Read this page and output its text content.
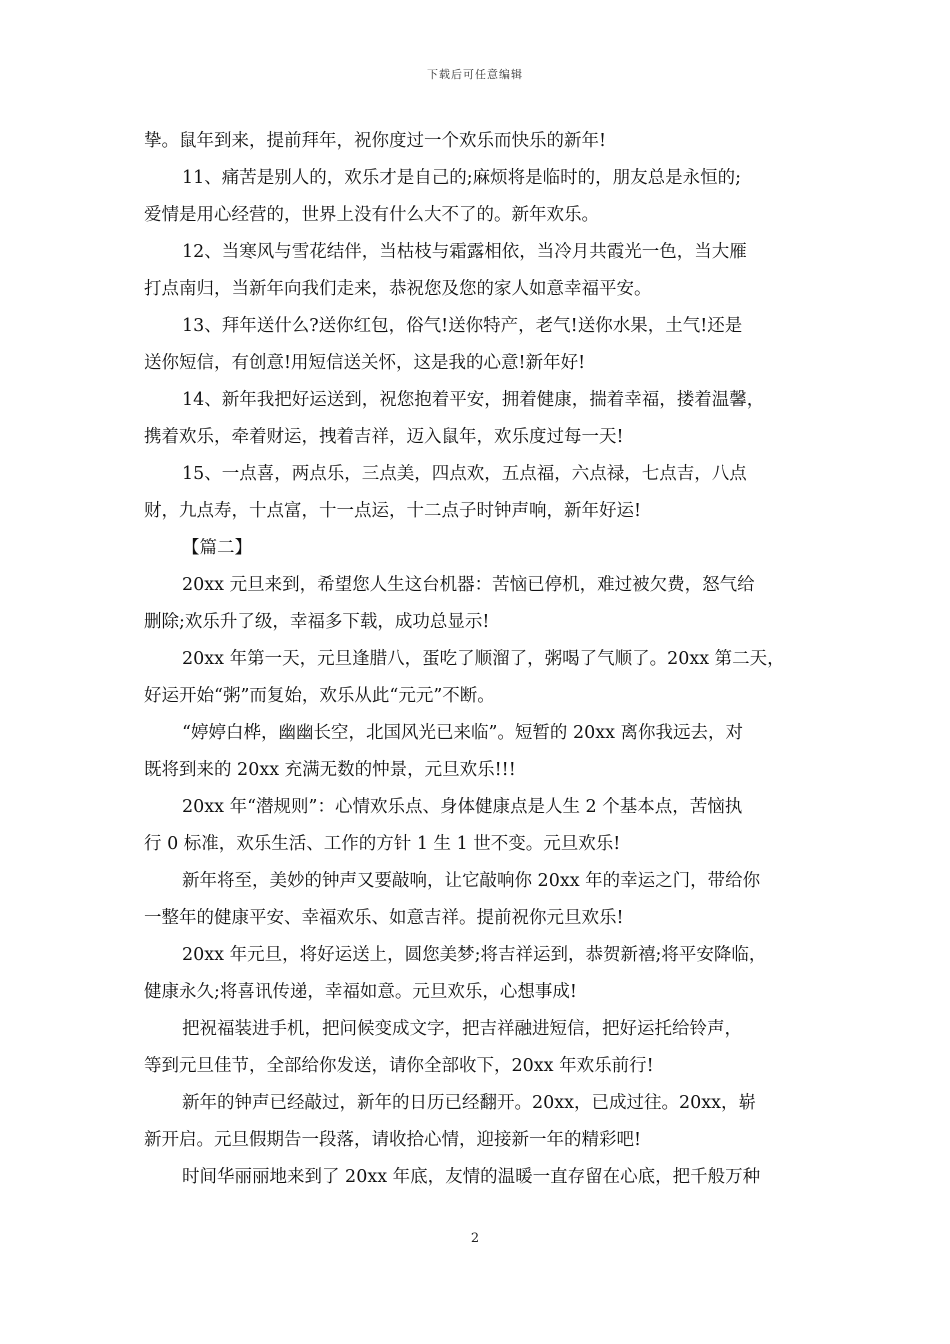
下载后可任意编辑
挚。鼠年到来，提前拜年，祝你度过一个欢乐而快乐的新年!
11、痛苦是别人的，欢乐才是自己的;麻烦将是临时的，朋友总是永恒的;
爱情是用心经营的，世界上没有什么大不了的。新年欢乐。
12、当寒风与雪花结伴，当枯枝与霜露相依，当冷月共霞光一色，当大雁
打点南归，当新年向我们走来，恭祝您及您的家人如意幸福平安。
13、拜年送什么?送你红包，俗气!送你特产，老气!送你水果，土气!还是
送你短信，有创意!用短信送关怀，这是我的心意!新年好!
14、新年我把好运送到，祝您抱着平安，拥着健康，揣着幸福，搂着温馨，
携着欢乐，牵着财运，拽着吉祥，迈入鼠年，欢乐度过每一天!
15、一点喜，两点乐，三点美，四点欢，五点福，六点禄，七点吉，八点
财，九点寿，十点富，十一点运，十二点子时钟声响，新年好运!
【篇二】
20xx 元旦来到，希望您人生这台机器：苦恼已停机，难过被欠费，怒气给
删除;欢乐升了级，幸福多下载，成功总显示!
20xx 年第一天，元旦逢腊八，蛋吃了顺溜了，粥喝了气顺了。20xx 第二天，
好运开始“粥”而复始，欢乐从此“元元”不断。
“婷婷白桦，幽幽长空，北国风光已来临”。短暂的 20xx 离你我远去，对
既将到来的 20xx 充满无数的忡景，元旦欢乐!!!
20xx 年“潜规则”：心情欢乐点、身体健康点是人生 2 个基本点，苦恼执
行 0 标准，欢乐生活、工作的方针 1 生 1 世不变。元旦欢乐!
新年将至，美妙的钟声又要敲响，让它敲响你 20xx 年的幸运之门，带给你
一整年的健康平安、幸福欢乐、如意吉祥。提前祝你元旦欢乐!
20xx 年元旦，将好运送上，圆您美梦;将吉祥运到，恭贺新禧;将平安降临，
健康永久;将喜讯传递，幸福如意。元旦欢乐，心想事成!
把祝福装进手机，把问候变成文字，把吉祥融进短信，把好运托给铃声，
等到元旦佳节，全部给你发送，请你全部收下，20xx 年欢乐前行!
新年的钟声已经敲过，新年的日历已经翻开。20xx，已成过往。20xx，崭
新开启。元旦假期告一段落，请收拾心情，迎接新一年的精彩吧!
时间华丽丽地来到了 20xx 年底，友情的温暖一直存留在心底，把千般万种
2
